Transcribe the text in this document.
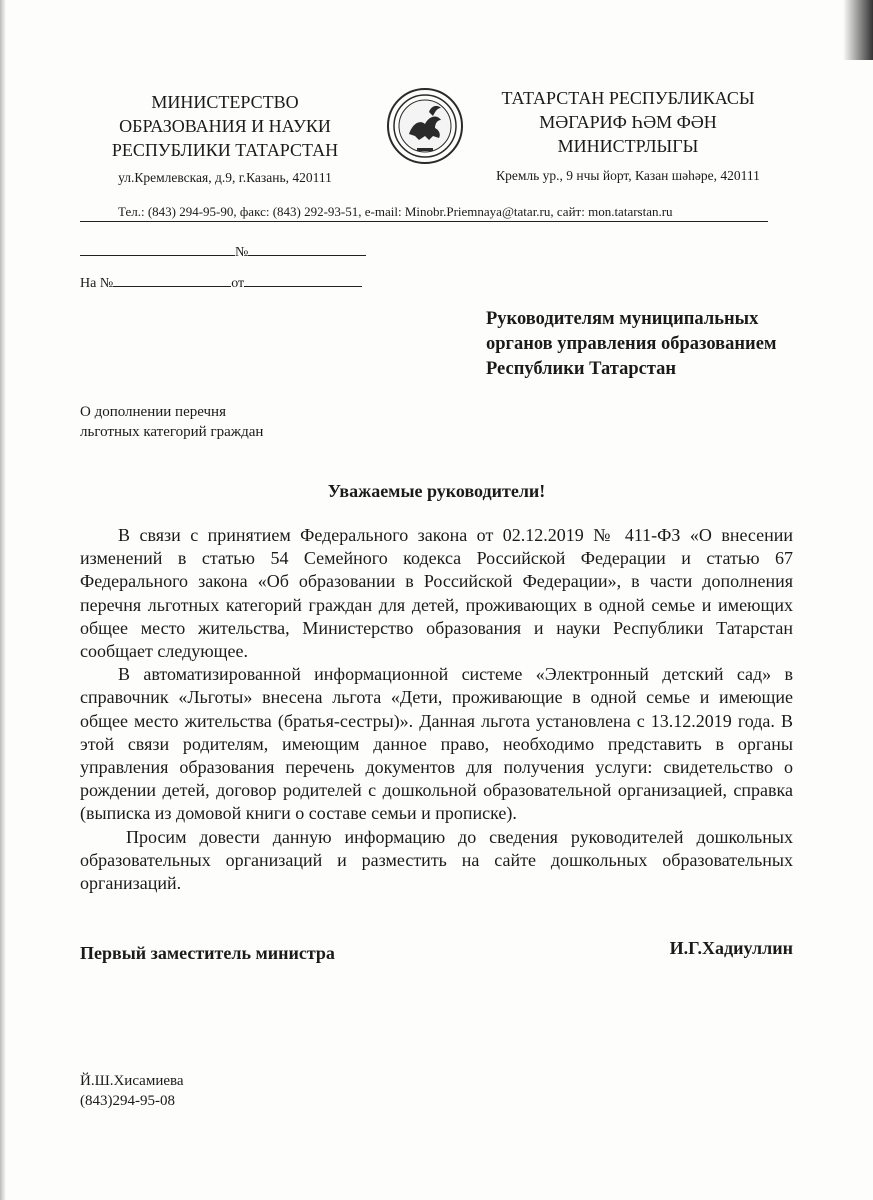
МИНИСТЕРСТВО
ОБРАЗОВАНИЯ И НАУКИ
РЕСПУБЛИКИ ТАТАРСТАН
ул.Кремлевская, д.9, г.Казань, 420111
ТАТАРСТАН РЕСПУБЛИКАСЫ
МӘГАРИФ ҺӘМ ФӘН
МИНИСТРЛЫГЫ
Кремль ур., 9 нчы йорт, Казан шәһәре, 420111
Тел.: (843) 294-95-90, факс: (843) 292-93-51, e-mail: Minobr.Priemnaya@tatar.ru, сайт: mon.tatarstan.ru
№
На №	от
Руководителям муниципальных
органов управления образованием
Республики Татарстан
О дополнении перечня
льготных категорий граждан
Уважаемые руководители!

В связи с принятием Федерального закона от 02.12.2019 № 411-ФЗ «О внесении изменений в статью 54 Семейного кодекса Российской Федерации и статью 67 Федерального закона «Об образовании в Российской Федерации», в части дополнения перечня льготных категорий граждан для детей, проживающих в одной семье и имеющих общее место жительства, Министерство образования и науки Республики Татарстан сообщает следующее.

В автоматизированной информационной системе «Электронный детский сад» в справочник «Льготы» внесена льгота «Дети, проживающие в одной семье и имеющие общее место жительства (братья-сестры)». Данная льгота установлена с 13.12.2019 года. В этой связи родителям, имеющим данное право, необходимо представить в органы управления образования перечень документов для получения услуги: свидетельство о рождении детей, договор родителей с дошкольной образовательной организацией, справка (выписка из домовой книги о составе семьи и прописке).

Просим довести данную информацию до сведения руководителей дошкольных образовательных организаций и разместить на сайте дошкольных образовательных организаций.

Первый заместитель министра	И.Г.Хадиуллин
Й.Ш.Хисамиева
(843)294-95-08
